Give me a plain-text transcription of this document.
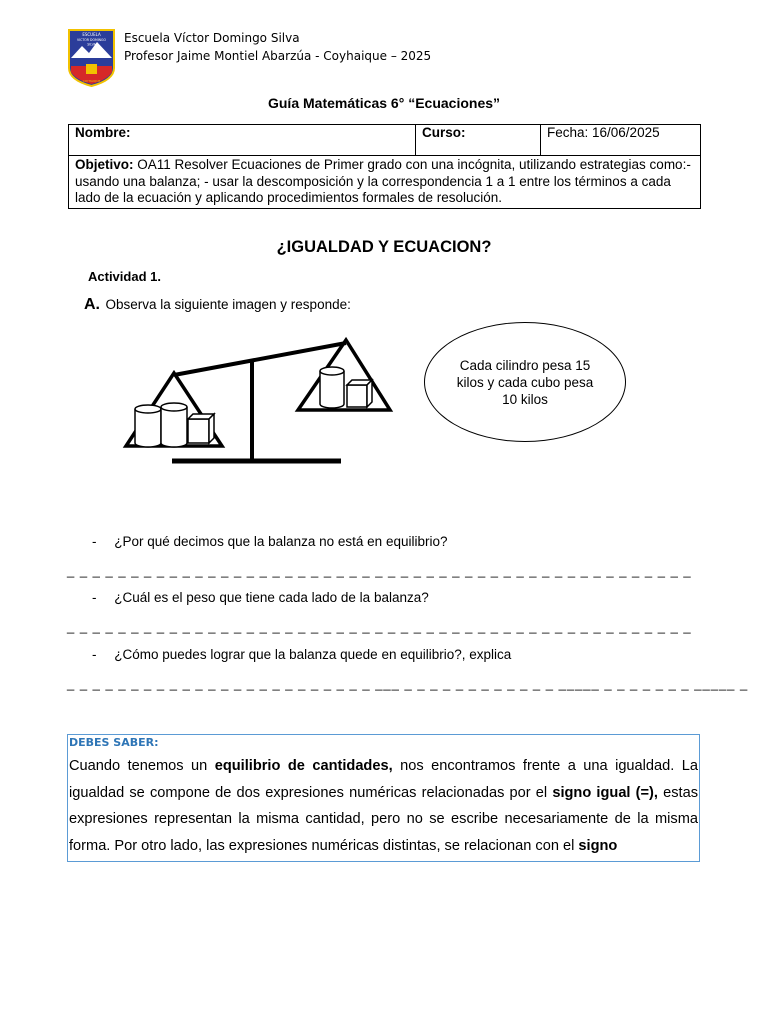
ESCUELA
VICTOR DOMINGO
SILVA
COYHAIQUE
Escuela Víctor Domingo Silva
Profesor Jaime Montiel Abarzúa - Coyhaique – 2025
Guía Matemáticas 6° “Ecuaciones”
Nombre:	Curso:	Fecha: 16/06/2025
Objetivo: OA11 Resolver Ecuaciones de Primer grado con una incógnita, utilizando estrategias como:- usando una balanza; - usar la descomposición y la correspondencia 1 a 1 entre los términos a cada lado de la ecuación y aplicando procedimientos formales de resolución.
¿IGUALDAD Y ECUACION?
Actividad 1.
A. Observa la siguiente imagen y responde:
Cada cilindro pesa 15 kilos y cada cubo pesa 10 kilos
- ¿Por qué decimos que la balanza no está en equilibrio?
_ _ _ _ _ _ _ _ _ _ _ _ _ _ _ _ _ _ _ _ _ _ _ _ _ _ _ _ _ _ _ _ _ _ _ _ _ _ _ _ _ _ _ _ _ _ _ _ _
- ¿Cuál es el peso que tiene cada lado de la balanza?
_ _ _ _ _ _ _ _ _ _ _ _ _ _ _ _ _ _ _ _ _ _ _ _ _ _ _ _ _ _ _ _ _ _ _ _ _ _ _ _ _ _ _ _ _ _ _ _ _
- ¿Cómo puedes lograr que la balanza quede en equilibrio?, explica
_ _ _ _ _ _ _ _ _ _ _ _ _ _ _ _ _ _ _ _ _ _ _ _ ___ _ _ _ _ _ _ _ _ _ _ _ _ _____ _ _ _ _ _ _ _ _____ _
DEBES SABER:
Cuando tenemos un equilibrio de cantidades, nos encontramos frente a una igualdad. La igualdad se compone de dos expresiones numéricas relacionadas por el signo igual (=), estas expresiones representan la misma cantidad, pero no se escribe necesariamente de la misma forma. Por otro lado, las expresiones numéricas distintas, se relacionan con el signo
